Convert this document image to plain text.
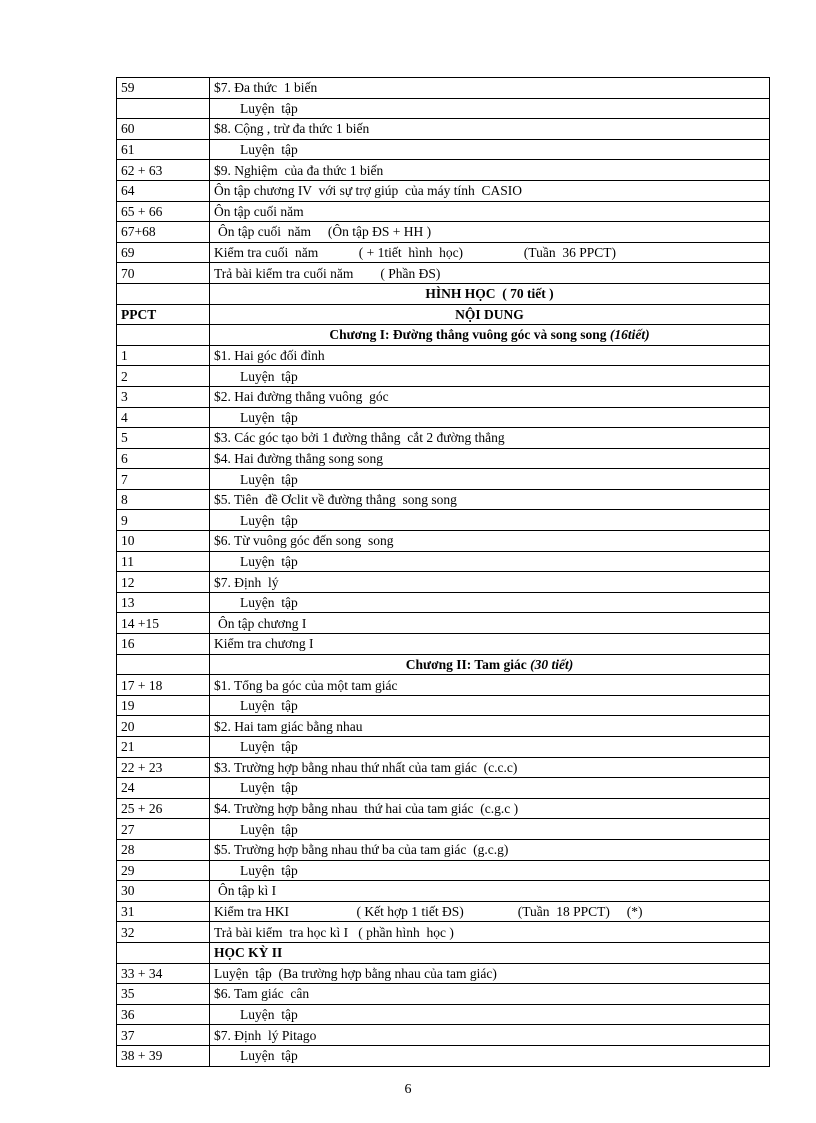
59	$7. Đa thức  1 biến
	Luyện  tập
60	$8. Cộng , trừ đa thức 1 biến
61	Luyện  tập
62 + 63	$9. Nghiệm  của đa thức 1 biến
64	Ôn tập chương IV  với sự trợ giúp  của máy tính  CASIO
65 + 66	Ôn tập cuối năm
67+68	Ôn tập cuối  năm     (Ôn tập ĐS + HH )
69	Kiểm tra cuối  năm            ( + 1tiết  hình  học)                  (Tuần  36 PPCT)
70	Trả bài kiểm tra cuối năm        ( Phần ĐS)
	HÌNH HỌC  ( 70 tiết )
PPCT	NỘI DUNG
	Chương I: Đường thẳng vuông góc và song song (16tiết)
1	$1. Hai góc đối đỉnh
2	Luyện  tập
3	$2. Hai đường thẳng vuông  góc
4	Luyện  tập
5	$3. Các góc tạo bởi 1 đường thẳng  cắt 2 đường thẳng
6	$4. Hai đường thẳng song song
7	Luyện  tập
8	$5. Tiên  đề Ơclit về đường thẳng  song song
9	Luyện  tập
10	$6. Từ vuông góc đến song  song
11	Luyện  tập
12	$7. Định  lý
13	Luyện  tập
14 +15	Ôn tập chương I
16	Kiểm tra chương I
	Chương II: Tam giác (30 tiết)
17 + 18	$1. Tổng ba góc của một tam giác
19	Luyện  tập
20	$2. Hai tam giác bằng nhau
21	Luyện  tập
22 + 23	$3. Trường hợp bằng nhau thứ nhất của tam giác  (c.c.c)
24	Luyện  tập
25 + 26	$4. Trường hợp bằng nhau  thứ hai của tam giác  (c.g.c )
27	Luyện  tập
28	$5. Trường hợp bằng nhau thứ ba của tam giác  (g.c.g)
29	Luyện  tập
30	Ôn tập kì I
31	Kiểm tra HKI                    ( Kết hợp 1 tiết ĐS)                (Tuần  18 PPCT)     (*)
32	Trả bài kiểm  tra học kì I   ( phần hình  học )
	HỌC KỲ II
33 + 34	Luyện  tập  (Ba trường hợp bằng nhau của tam giác)
35	$6. Tam giác  cân
36	Luyện  tập
37	$7. Định  lý Pitago
38 + 39	Luyện  tập
6
